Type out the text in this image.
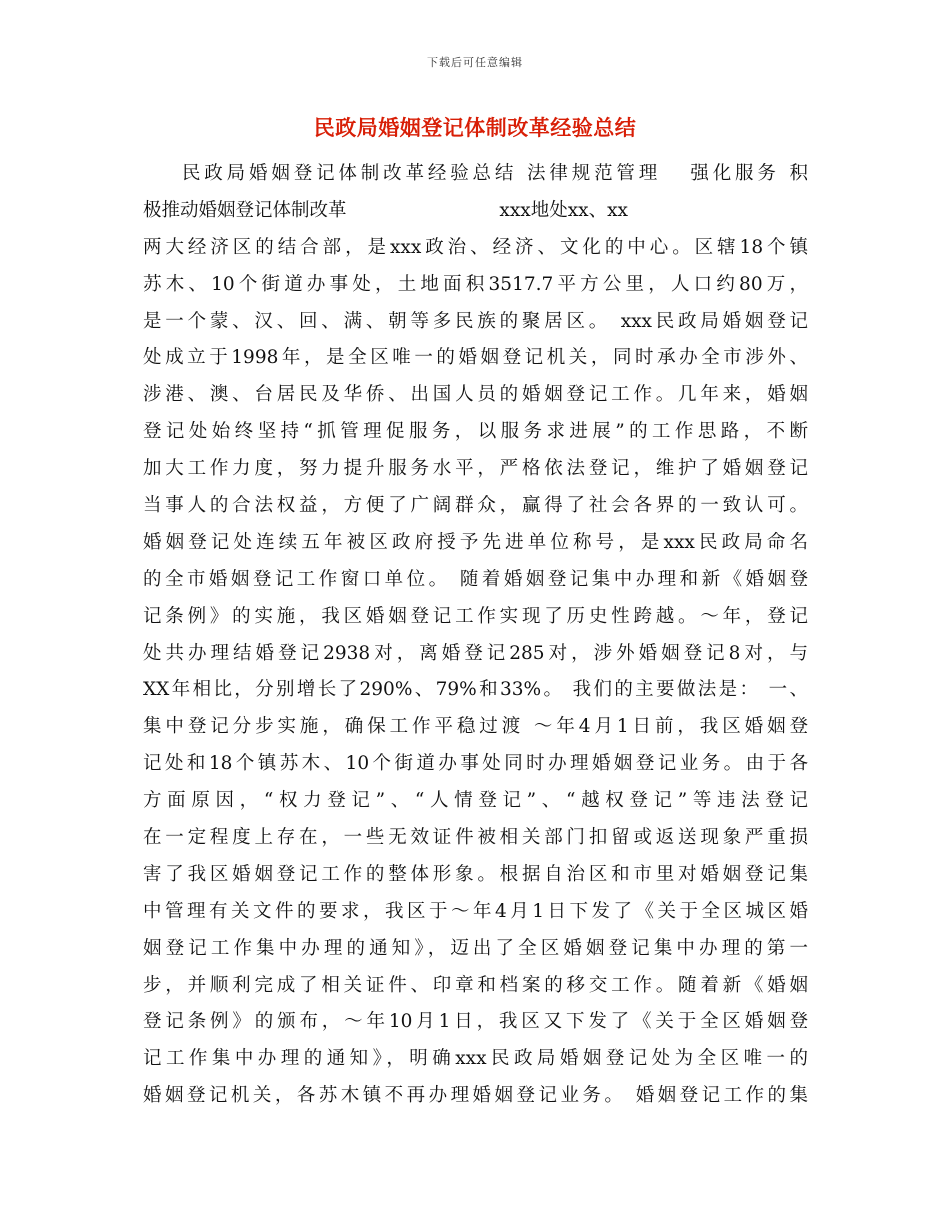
下载后可任意编辑
民政局婚姻登记体制改革经验总结
民政局婚姻登记体制改革经验总结 法律规范管理   强化服务 积
极推动婚姻登记体制改革                          xxx地处xx、xx
两大经济区的结合部，是xxx政治、经济、文化的中心。区辖18个镇
苏木、10个街道办事处，土地面积3517.7平方公里，人口约80万，
是一个蒙、汉、回、满、朝等多民族的聚居区。 xxx民政局婚姻登记
处成立于1998年，是全区唯一的婚姻登记机关，同时承办全市涉外、
涉港、澳、台居民及华侨、出国人员的婚姻登记工作。几年来，婚姻
登记处始终坚持“抓管理促服务，以服务求进展”的工作思路，不断
加大工作力度，努力提升服务水平，严格依法登记，维护了婚姻登记
当事人的合法权益，方便了广阔群众，赢得了社会各界的一致认可。
婚姻登记处连续五年被区政府授予先进单位称号，是xxx民政局命名
的全市婚姻登记工作窗口单位。 随着婚姻登记集中办理和新《婚姻登
记条例》的实施，我区婚姻登记工作实现了历史性跨越。～年，登记
处共办理结婚登记2938对，离婚登记285对，涉外婚姻登记8对，与
XX年相比，分别增长了290%、79%和33%。 我们的主要做法是： 一、
集中登记分步实施，确保工作平稳过渡 ～年4月1日前，我区婚姻登
记处和18个镇苏木、10个街道办事处同时办理婚姻登记业务。由于各
方面原因，“权力登记”、“人情登记”、“越权登记”等违法登记
在一定程度上存在，一些无效证件被相关部门扣留或返送现象严重损
害了我区婚姻登记工作的整体形象。根据自治区和市里对婚姻登记集
中管理有关文件的要求，我区于～年4月1日下发了《关于全区城区婚
姻登记工作集中办理的通知》，迈出了全区婚姻登记集中办理的第一
步，并顺利完成了相关证件、印章和档案的移交工作。随着新《婚姻
登记条例》的颁布，～年10月1日，我区又下发了《关于全区婚姻登
记工作集中办理的通知》，明确xxx民政局婚姻登记处为全区唯一的
婚姻登记机关，各苏木镇不再办理婚姻登记业务。 婚姻登记工作的集
